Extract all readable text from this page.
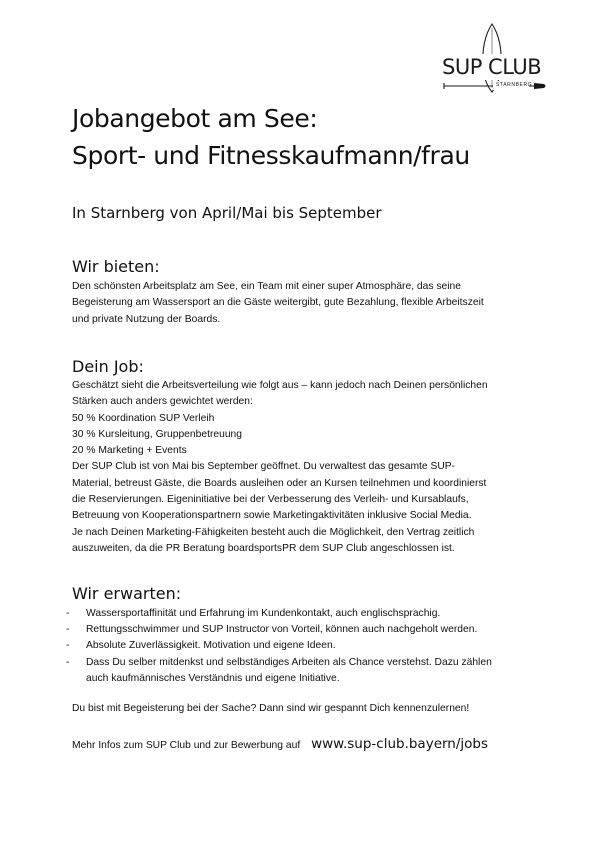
SUP CLUB
STARNBERG
Jobangebot am See:
Sport- und Fitnesskaufmann/frau
In Starnberg von April/Mai bis September
Wir bieten:
Den schönsten Arbeitsplatz am See, ein Team mit einer super Atmosphäre, das seine
Begeisterung am Wassersport an die Gäste weitergibt, gute Bezahlung, flexible Arbeitszeit
und private Nutzung der Boards.
Dein Job:
Geschätzt sieht die Arbeitsverteilung wie folgt aus – kann jedoch nach Deinen persönlichen
Stärken auch anders gewichtet werden:
50 % Koordination SUP Verleih
30 % Kursleitung, Gruppenbetreuung
20 % Marketing + Events
Der SUP Club ist von Mai bis September geöffnet. Du verwaltest das gesamte SUP-
Material, betreust Gäste, die Boards ausleihen oder an Kursen teilnehmen und koordinierst
die Reservierungen. Eigeninitiative bei der Verbesserung des Verleih- und Kursablaufs,
Betreuung von Kooperationspartnern sowie Marketingaktivitäten inklusive Social Media.
Je nach Deinen Marketing-Fähigkeiten besteht auch die Möglichkeit, den Vertrag zeitlich
auszuweiten, da die PR Beratung boardsportsPR dem SUP Club angeschlossen ist.
Wir erwarten:
- Wassersportaffinität und Erfahrung im Kundenkontakt, auch englischsprachig.
- Rettungsschwimmer und SUP Instructor von Vorteil, können auch nachgeholt werden.
- Absolute Zuverlässigkeit. Motivation und eigene Ideen.
- Dass Du selber mitdenkst und selbständiges Arbeiten als Chance verstehst. Dazu zählen
auch kaufmännisches Verständnis und eigene Initiative.

Du bist mit Begeisterung bei der Sache? Dann sind wir gespannt Dich kennenzulernen!

Mehr Infos zum SUP Club und zur Bewerbung auf www.sup-club.bayern/jobs
